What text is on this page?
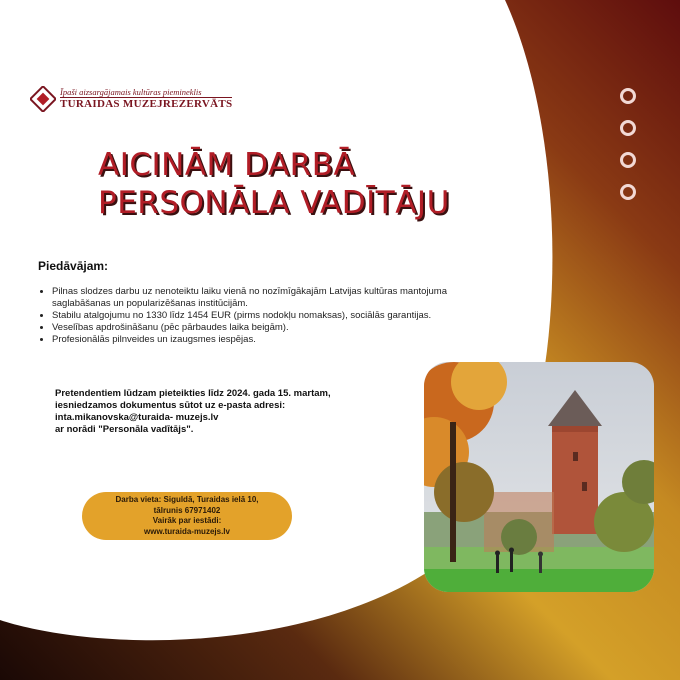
Īpaši aizsargājamais kultūras piemineklis
TURAIDAS MUZEJREZERVĀTS
AICINĀM DARBĀ
PERSONĀLA VADĪTĀJU
Piedāvājam:
• Pilnas slodzes darbu uz nenoteiktu laiku vienā no nozīmīgākajām Latvijas kultūras mantojuma saglabāšanas un popularizēšanas institūcijām.
• Stabilu atalgojumu no 1330 līdz 1454 EUR (pirms nodokļu nomaksas), sociālās garantijas.
• Veselības apdrošināšanu (pēc pārbaudes laika beigām).
• Profesionālās pilnveides un izaugsmes iespējas.
Pretendentiem lūdzam pieteikties līdz 2024. gada 15. martam,
iesniedzamos dokumentus sūtot uz e-pasta adresi:
inta.mikanovska@turaida- muzejs.lv
ar norādi "Personāla vadītājs".
Darba vieta: Siguldā, Turaidas ielā 10,
tālrunis 67971402
Vairāk par iestādi:
www.turaida-muzejs.lv
